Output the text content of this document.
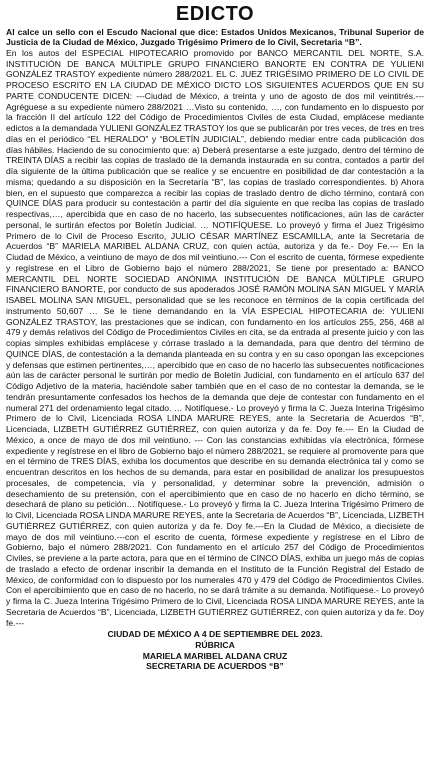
EDICTO

Al calce un sello con el Escudo Nacional que dice: Estados Unidos Mexicanos, Tribunal Superior de Justicia de la Ciudad de México, Juzgado Trigésimo Primero de lo Civil, Secretaria “B”.

En los autos del ESPECIAL HIPOTECARIO promovido por BANCO MERCANTIL DEL NORTE, S.A. INSTITUCIÓN DE BANCA MÚLTIPLE GRUPO FINANCIERO BANORTE EN CONTRA DE YULIENI GONZÁLEZ TRASTOY expediente número 288/2021. EL C. JUEZ TRIGÉSIMO PRIMERO DE LO CIVIL DE PROCESO ESCRITO EN LA CIUDAD DE MÉXICO DICTO LOS SIGUIENTES ACUERDOS QUE EN SU PARTE CONDUCENTE DICEN: ---Ciudad de México, a treinta y uno de agosto de dos mil veintitrés.---Agréguese a su expediente número 288/2021 …Visto su contenido, …, con fundamento en lo dispuesto por la fracción II del artículo 122 del Código de Procedimientos Civiles de esta Ciudad, emplácese mediante edictos a la demandada YULIENI GONZÁLEZ TRASTOY los que se publicarán por tres veces, de tres en tres días en el periódico “EL HERALDO” y “BOLETÍN JUDICIAL”, debiendo mediar entre cada publicación dos días hábiles. Haciendo de su conocimiento que: a) Deberá presentarse a este juzgado, dentro del término de TREINTA DÍAS a recibir las copias de traslado de la demanda instaurada en su contra, contados a partir del día siguiente de la última publicación que se realice y se encuentre en posibilidad de dar contestación a la misma; quedando a su disposición en la Secretaría “B”, las copias de traslado correspondientes. b) Ahora bien, en el supuesto que comparezca a recibir las copias de traslado dentro de dicho término, contará con QUINCE DÍAS para producir su contestación a partir del día siguiente en que reciba las copias de traslado respectivas,…, apercibida que en caso de no hacerlo, las subsecuentes notificaciones, aún las de carácter personal, le surtirán efectos por Boletín Judicial. … NOTIFÍQUESE. Lo proveyó y firma el Juez Trigésimo Primero de lo Civil de Proceso Escrito, JULIO CÉSAR MARTÍNEZ ESCAMILLA, ante la Secretaria de Acuerdos “B” MARIELA MARIBEL ALDANA CRUZ, con quien actúa, autoriza y da fe.- Doy Fe.--- En la Ciudad de México, a veintiuno de mayo de dos mil veintiuno.--- Con el escrito de cuenta, fórmese expediente y regístrese en el Libro de Gobierno bajo el número 288/2021, Se tiene por presentado a: BANCO MERCANTIL DEL NORTE SOCIEDAD ANÓNIMA INSTITUCIÓN DE BANCA MÚLTIPLE GRUPO FINANCIERO BANORTE, por conducto de sus apoderados JOSÉ RAMÓN MOLINA SAN MIGUEL Y MARÍA ISABEL MOLINA SAN MIGUEL, personalidad que se les reconoce en términos de la copia certificada del instrumento 50,607 … Se le tiene demandando en la VÍA ESPECIAL HIPOTECARIA de: YULIENI GONZÁLEZ TRASTOY, las prestaciones que se indican, con fundamento en los artículos 255, 256, 468 al 479 y demás relativos del Código de Procedimientos Civiles en cita, se da entrada al presente juicio y con las copias simples exhibidas emplácese y córrase traslado a la demandada, para que dentro del término de QUINCE DÍAS, de contestación a la demanda planteada en su contra y en su caso opongan las excepciones y defensas que estimen pertinentes,…, apercibido que en caso de no hacerlo las subsecuentes notificaciones aún las de carácter personal le surtirán por medio de Boletín Judicial, con fundamento en el artículo 637 del Código Adjetivo de la materia, haciéndole saber también que en el caso de no contestar la demanda, se le tendrán presuntamente confesados los hechos de la demanda que deje de contestar con fundamento en el numeral 271 del ordenamiento legal citado. … Notifíquese.- Lo proveyó y firma la C. Jueza Interina Trigésimo Primero de lo Civil, Licenciada ROSA LINDA MARURE REYES, ante la Secretaria de Acuerdos “B”, Licenciada, LIZBETH GUTIÉRREZ GUTIÉRREZ, con quien autoriza y da fe. Doy fe.--- En la Ciudad de México, a once de mayo de dos mil veintiuno. --- Con las constancias exhibidas vía electrónica, fórmese expediente y regístrese en el libro de Gobierno bajo el número 288/2021, se requiere al promovente para que en el término de TRES DÍAS, exhiba los documentos que describe en su demanda electrónica tal y como se encuentran descritos en los hechos de su demanda, para estar en posibilidad de analizar los presupuestos procesales, de competencia, vía y personalidad, y determinar sobre la prevención, admisión o desechamiento de su pretensión, con el apercibimiento que en caso de no hacerlo en dicho término, se desechará de plano su petición… Notifíquese.- Lo proveyó y firma la C. Jueza Interina Trigésimo Primero de lo Civil, Licenciada ROSA LINDA MARURE REYES, ante la Secretaria de Acuerdos “B”, Licenciada, LIZBETH GUTIÉRREZ GUTIÉRREZ, con quien autoriza y da fe. Doy fe.---En la Ciudad de México, a diecisiete de mayo de dos mil veintiuno.---con el escrito de cuenta, fórmese expediente y regístrese en el Libro de Gobierno, bajo el número 288/2021. Con fundamento en el artículo 257 del Código de Procedimientos Civiles, se previene a la parte actora, para que en el término de CINCO DÍAS, exhiba un juego más de copias de traslado a efecto de ordenar inscribir la demanda en el Instituto de la Función Registral del Estado de México, de conformidad con lo dispuesto por los numerales 470 y 479 del Código de Procedimientos Civiles. Con el apercibimiento que en caso de no hacerlo, no se dará trámite a su demanda. Notifíquese.- Lo proveyó y firma la C. Jueza Interina Trigésimo Primero de lo Civil, Licenciada ROSA LINDA MARURE REYES, ante la Secretaria de Acuerdos “B”, Licenciada, LIZBETH GUTIÉRREZ GUTIÉRREZ, con quien autoriza y da fe. Doy fe.---

CIUDAD DE MÉXICO A 4 DE SEPTIEMBRE DEL 2023.

RÚBRICA

MARIELA MARIBEL ALDANA CRUZ

SECRETARIA DE ACUERDOS “B”
